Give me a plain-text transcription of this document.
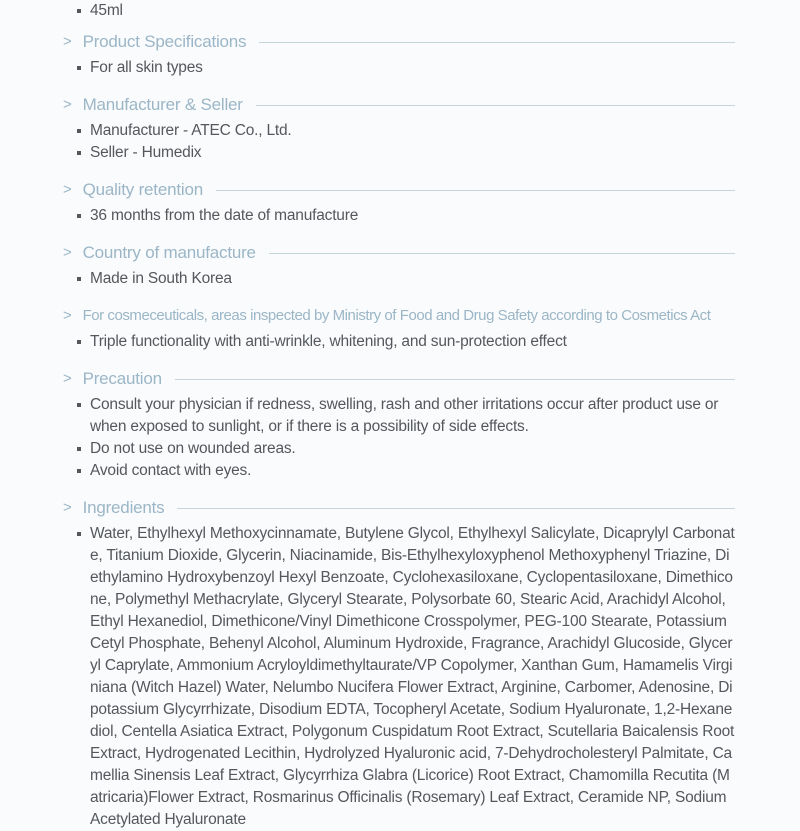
45ml
> Product Specifications
For all skin types
> Manufacturer & Seller
Manufacturer - ATEC Co., Ltd.
Seller - Humedix
> Quality retention
36 months from the date of manufacture
> Country of manufacture
Made in South Korea
> For cosmeceuticals, areas inspected by Ministry of Food and Drug Safety according to Cosmetics Act
Triple functionality with anti-wrinkle, whitening, and sun-protection effect
> Precaution
Consult your physician if redness, swelling, rash and other irritations occur after product use or when exposed to sunlight, or if there is a possibility of side effects.
Do not use on wounded areas.
Avoid contact with eyes.
> Ingredients
Water, Ethylhexyl Methoxycinnamate, Butylene Glycol, Ethylhexyl Salicylate, Dicaprylyl Carbonate, Titanium Dioxide, Glycerin, Niacinamide, Bis-Ethylhexyloxyphenol Methoxyphenyl Triazine, Diethylamino Hydroxybenzoyl Hexyl Benzoate, Cyclohexasiloxane, Cyclopentasiloxane, Dimethicone, Polymethyl Methacrylate, Glyceryl Stearate, Polysorbate 60, Stearic Acid, Arachidyl Alcohol, Ethyl Hexanediol, Dimethicone/Vinyl Dimethicone Crosspolymer, PEG-100 Stearate, Potassium Cetyl Phosphate, Behenyl Alcohol, Aluminum Hydroxide, Fragrance, Arachidyl Glucoside, Glyceryl Caprylate, Ammonium Acryloyldimethyltaurate/VP Copolymer, Xanthan Gum, Hamamelis Virginiana (Witch Hazel) Water, Nelumbo Nucifera Flower Extract, Arginine, Carbomer, Adenosine, Dipotassium Glycyrrhizate, Disodium EDTA, Tocopheryl Acetate, Sodium Hyaluronate, 1,2-Hexanediol, Centella Asiatica Extract, Polygonum Cuspidatum Root Extract, Scutellaria Baicalensis Root Extract, Hydrogenated Lecithin, Hydrolyzed Hyaluronic acid, 7-Dehydrocholesteryl Palmitate, Camellia Sinensis Leaf Extract, Glycyrrhiza Glabra (Licorice) Root Extract, Chamomilla Recutita (Matricaria)Flower Extract, Rosmarinus Officinalis (Rosemary) Leaf Extract, Ceramide NP, Sodium Acetylated Hyaluronate
